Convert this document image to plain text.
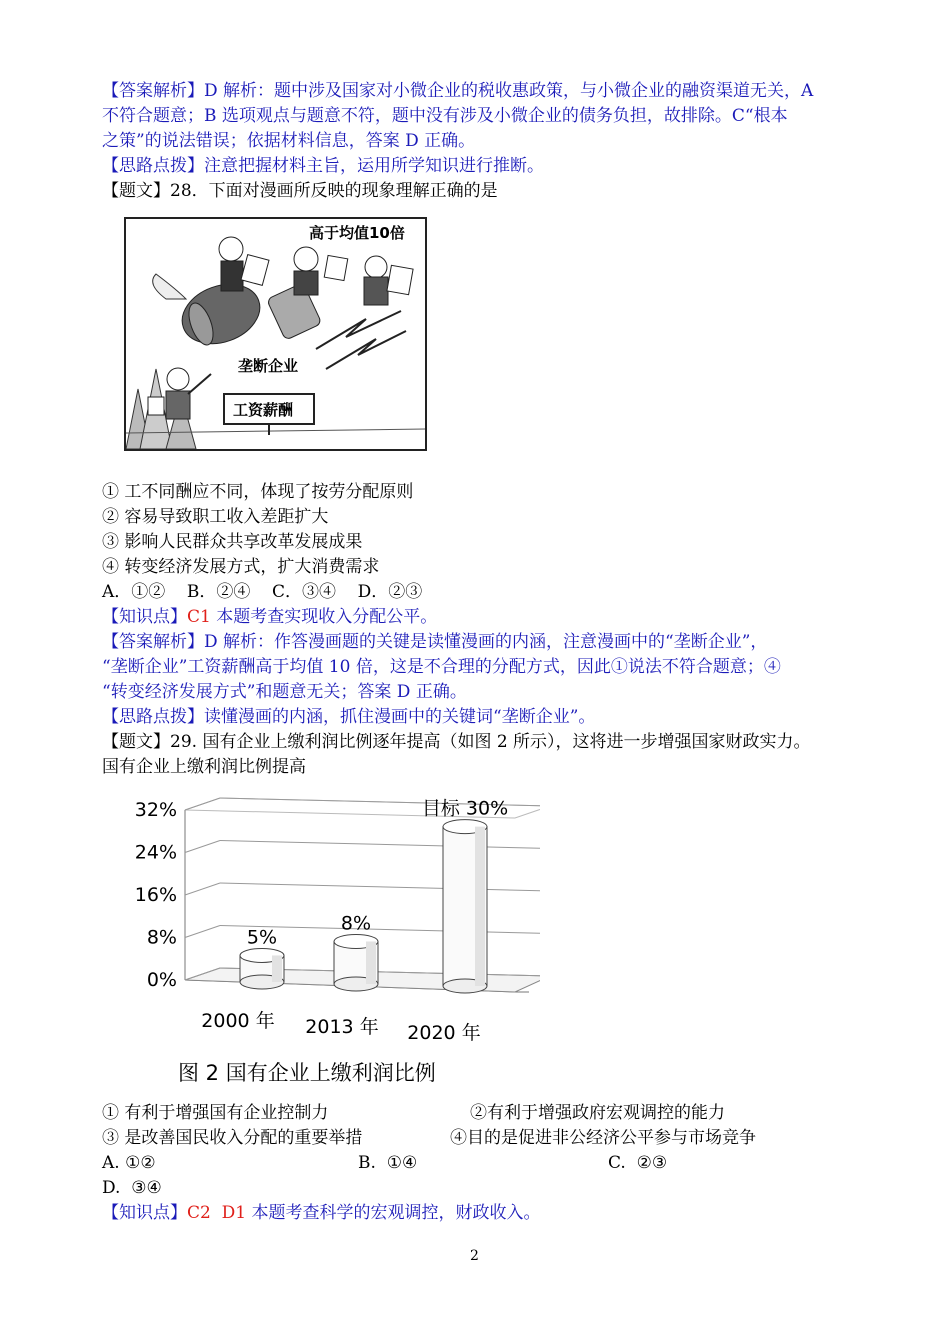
【答案解析】D 解析：题中涉及国家对小微企业的税收惠政策，与小微企业的融资渠道无关，A
不符合题意；B 选项观点与题意不符，题中没有涉及小微企业的债务负担，故排除。C“根本
之策”的说法错误；依据材料信息，答案 D 正确。
【思路点拨】注意把握材料主旨，运用所学知识进行推断。
【题文】28．下面对漫画所反映的现象理解正确的是
高于均值10倍
垄断企业
工资薪酬
① 工不同酬应不同，体现了按劳分配原则
② 容易导致职工收入差距扩大
③ 影响人民群众共享改革发展成果
④ 转变经济发展方式，扩大消费需求
A．①②    B．②④    C．③④    D．②③
【知识点】C1 本题考查实现收入分配公平。
【答案解析】D 解析：作答漫画题的关键是读懂漫画的内涵，注意漫画中的“垄断企业”，
“垄断企业”工资薪酬高于均值 10 倍，这是不合理的分配方式，因此①说法不符合题意；④
“转变经济发展方式”和题意无关；答案 D 正确。
【思路点拨】读懂漫画的内涵，抓住漫画中的关键词“垄断企业”。
【题文】29. 国有企业上缴利润比例逐年提高（如图 2 所示），这将进一步增强国家财政实力。
国有企业上缴利润比例提高
0%
8%
16%
24%
32%
5%
8%
目标 30%
2000 年 2013 年 2020 年
图 2 国有企业上缴利润比例
① 有利于增强国有企业控制力	②有利于增强政府宏观调控的能力
③ 是改善国民收入分配的重要举措	④目的是促进非公经济公平参与市场竞争
A. ①②	B.  ①④	C.  ②③
D.  ③④
【知识点】C2  D1 本题考查科学的宏观调控，财政收入。
2
